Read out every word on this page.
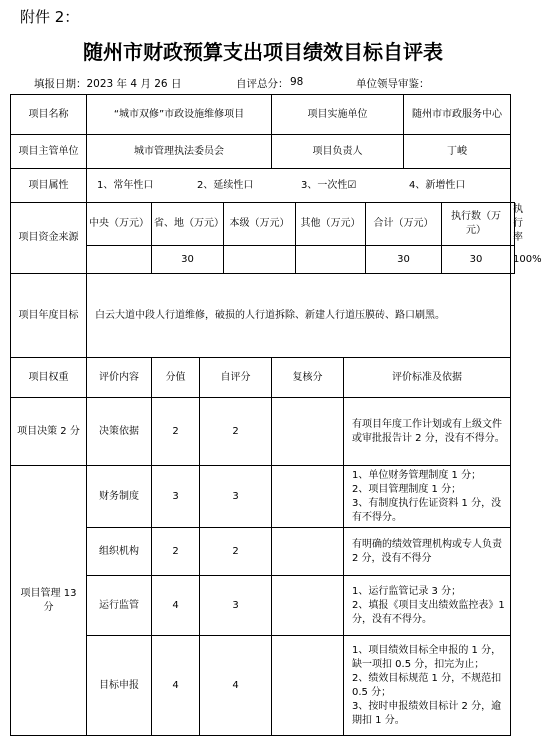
附件 2：
随州市财政预算支出项目绩效目标自评表
填报日期：2023 年 4 月 26 日	自评总分： 98	单位领导审鉴：
项目名称	“城市双修”市政设施维修项目				项目实施单位				随州市市政服务中心		
项目主管单位	城市管理执法委员会				项目负责人				丁峻		
项目属性	1、常年性口 2、延续性口 3、一次性☑ 4、新增性口										
项目资金来源	中央（万元）	省、地（万元）		本级（万元）		其他（万元）		合计（万元）		执行数（万元）	执行率
		30						30		30	100%
项目年度目标	白云大道中段人行道维修，破损的人行道拆除、新建人行道压膜砖、路口刷黑。										
项目权重	评价内容	分值	自评分		复核分		评价标准及依据				
项目决策 2 分	决策依据	2	2				有项目年度工作计划或有上级文件或审批报告计 2 分，没有不得分。				
项目管理 13 分	财务制度	3	3				1、单位财务管理制度 1 分；
2、项目管理制度 1 分；
3、有制度执行佐证资料 1 分，没有不得分。				

	组织机构	2	2				有明确的绩效管理机构或专人负责 2 分，没有不得分				
	运行监管	4	3				1、运行监管记录 3 分；
2、填报《项目支出绩效监控表》1 分，没有不得分。				

	目标申报	4	4				1、项目绩效目标全申报的 1 分，缺一项扣 0.5 分，扣完为止；
2、绩效目标规范 1 分，不规范扣 0.5 分；
3、按时申报绩效目标计 2 分，逾期扣 1 分。				
